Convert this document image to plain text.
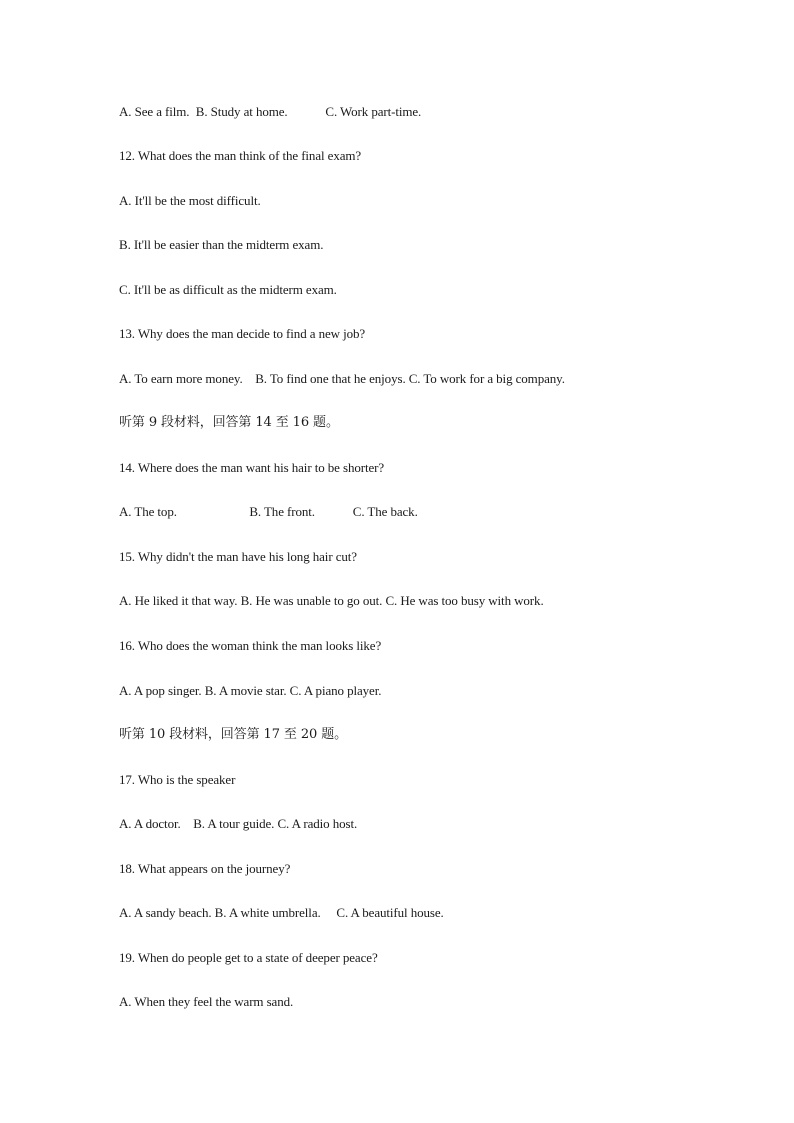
A. See a film.  B. Study at home.            C. Work part-time.
12. What does the man think of the final exam?
A. It'll be the most difficult.
B. It'll be easier than the midterm exam.
C. It'll be as difficult as the midterm exam.
13. Why does the man decide to find a new job?
A. To earn more money.    B. To find one that he enjoys. C. To work for a big company.
听第 9 段材料，回答第 14 至 16 题。
14. Where does the man want his hair to be shorter?
A. The top.                       B. The front.            C. The back.
15. Why didn't the man have his long hair cut?
A. He liked it that way. B. He was unable to go out. C. He was too busy with work.
16. Who does the woman think the man looks like?
A. A pop singer. B. A movie star. C. A piano player.
听第 10 段材料，回答第 17 至 20 题。
17. Who is the speaker
A. A doctor.    B. A tour guide. C. A radio host.
18. What appears on the journey?
A. A sandy beach. B. A white umbrella.     C. A beautiful house.
19. When do people get to a state of deeper peace?
A. When they feel the warm sand.
